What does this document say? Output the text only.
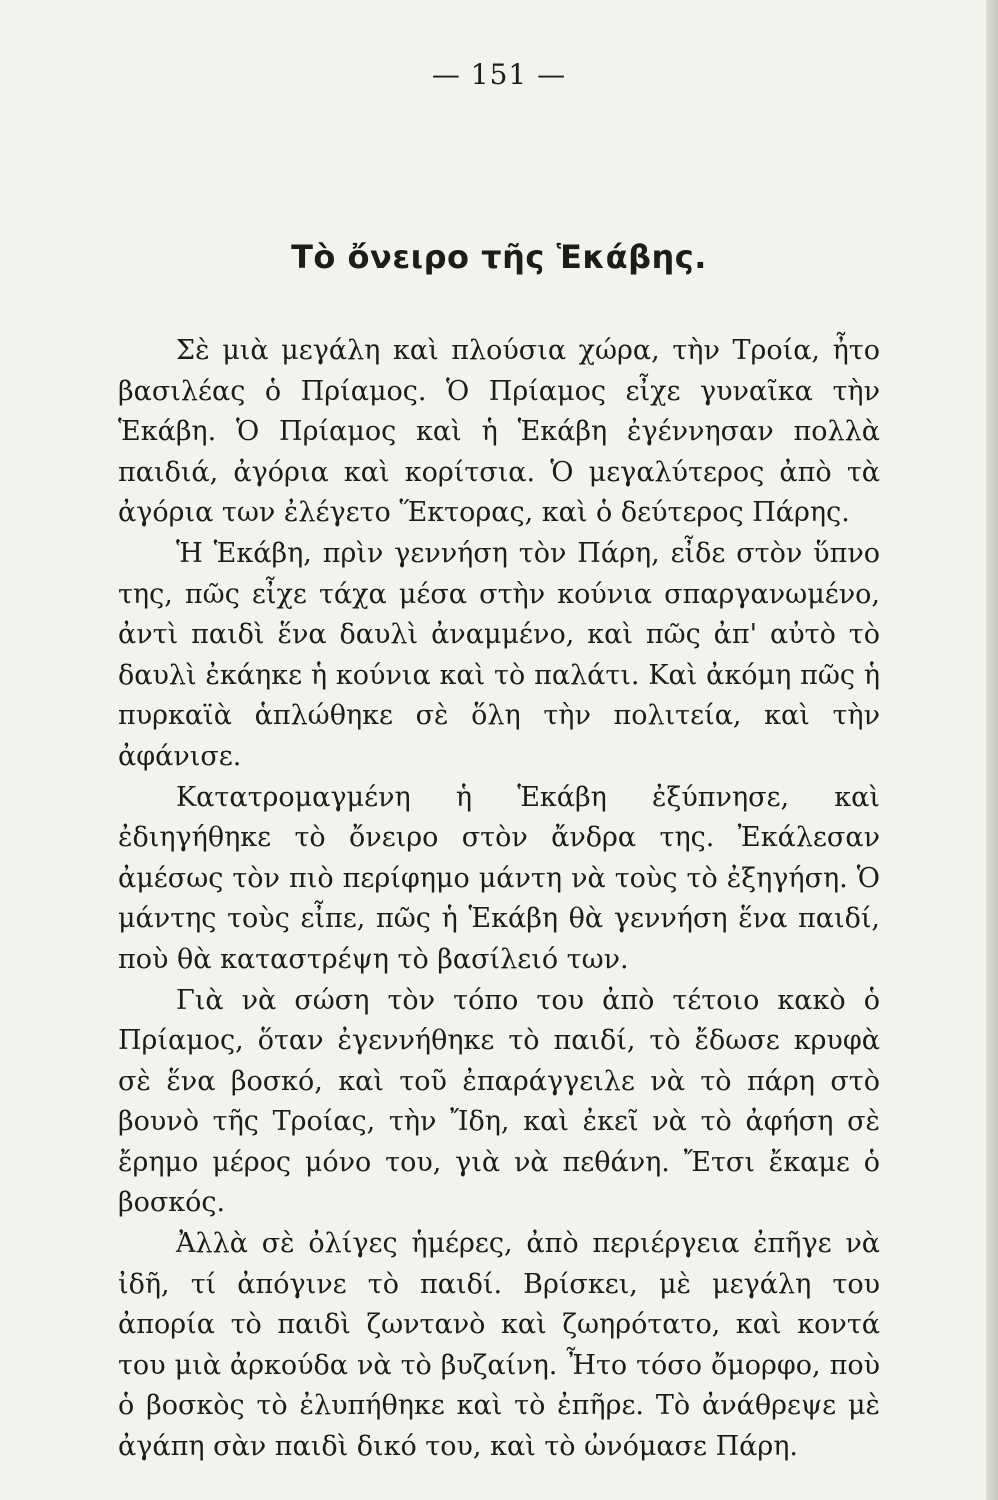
— 151 —
Τὸ ὄνειρο τῆς Ἑκάβης.

Σὲ μιὰ μεγάλη καὶ πλούσια χώρα, τὴν Τροία, ἦτο βασιλέας ὁ Πρίαμος. Ὁ Πρίαμος εἶχε γυναῖκα τὴν Ἑκάβη. Ὁ Πρίαμος καὶ ἡ Ἑκάβη ἐγέννησαν πολλὰ παιδιά, ἀγόρια καὶ κορίτσια. Ὁ μεγαλύτερος ἀπὸ τὰ ἀγόρια των ἐλέγετο Ἕκτορας, καὶ ὁ δεύτερος Πάρης.

Ἡ Ἑκάβη, πρὶν γεννήση τὸν Πάρη, εἶδε στὸν ὕπνο της, πῶς εἶχε τάχα μέσα στὴν κούνια σπαργανωμένο, ἀντὶ παιδὶ ἕνα δαυλὶ ἀναμμένο, καὶ πῶς ἀπ' αὐτὸ τὸ δαυλὶ ἐκάηκε ἡ κούνια καὶ τὸ παλάτι. Καὶ ἀκόμη πῶς ἡ πυρκαϊὰ ἁπλώθηκε σὲ ὅλη τὴν πολιτεία, καὶ τὴν ἀφάνισε.

Κατατρομαγμένη ἡ Ἑκάβη ἐξύπνησε, καὶ ἐδιηγήθηκε τὸ ὄνειρο στὸν ἄνδρα της. Ἐκάλεσαν ἀμέσως τὸν πιὸ περίφημο μάντη νὰ τοὺς τὸ ἐξηγήση. Ὁ μάντης τοὺς εἶπε, πῶς ἡ Ἑκάβη θὰ γεννήση ἕνα παιδί, ποὺ θὰ καταστρέψη τὸ βασίλειό των.

Γιὰ νὰ σώση τὸν τόπο του ἀπὸ τέτοιο κακὸ ὁ Πρίαμος, ὅταν ἐγεννήθηκε τὸ παιδί, τὸ ἔδωσε κρυφὰ σὲ ἕνα βοσκό, καὶ τοῦ ἐπαράγγειλε νὰ τὸ πάρη στὸ βουνὸ τῆς Τροίας, τὴν Ἴδη, καὶ ἐκεῖ νὰ τὸ ἀφήση σὲ ἔρημο μέρος μόνο του, γιὰ νὰ πεθάνη. Ἔτσι ἔκαμε ὁ βοσκός.

Ἀλλὰ σὲ ὀλίγες ἡμέρες, ἀπὸ περιέργεια ἐπῆγε νὰ ἰδῆ, τί ἀπόγινε τὸ παιδί. Βρίσκει, μὲ μεγάλη του ἀπορία τὸ παιδὶ ζωντανὸ καὶ ζωηρότατο, καὶ κοντά του μιὰ ἀρκούδα νὰ τὸ βυζαίνη. Ἦτο τόσο ὄμορφο, ποὺ ὁ βοσκὸς τὸ ἐλυπήθηκε καὶ τὸ ἐπῆρε. Τὸ ἀνάθρεψε μὲ ἀγάπη σὰν παιδὶ δικό του, καὶ τὸ ὠνόμασε Πάρη.
